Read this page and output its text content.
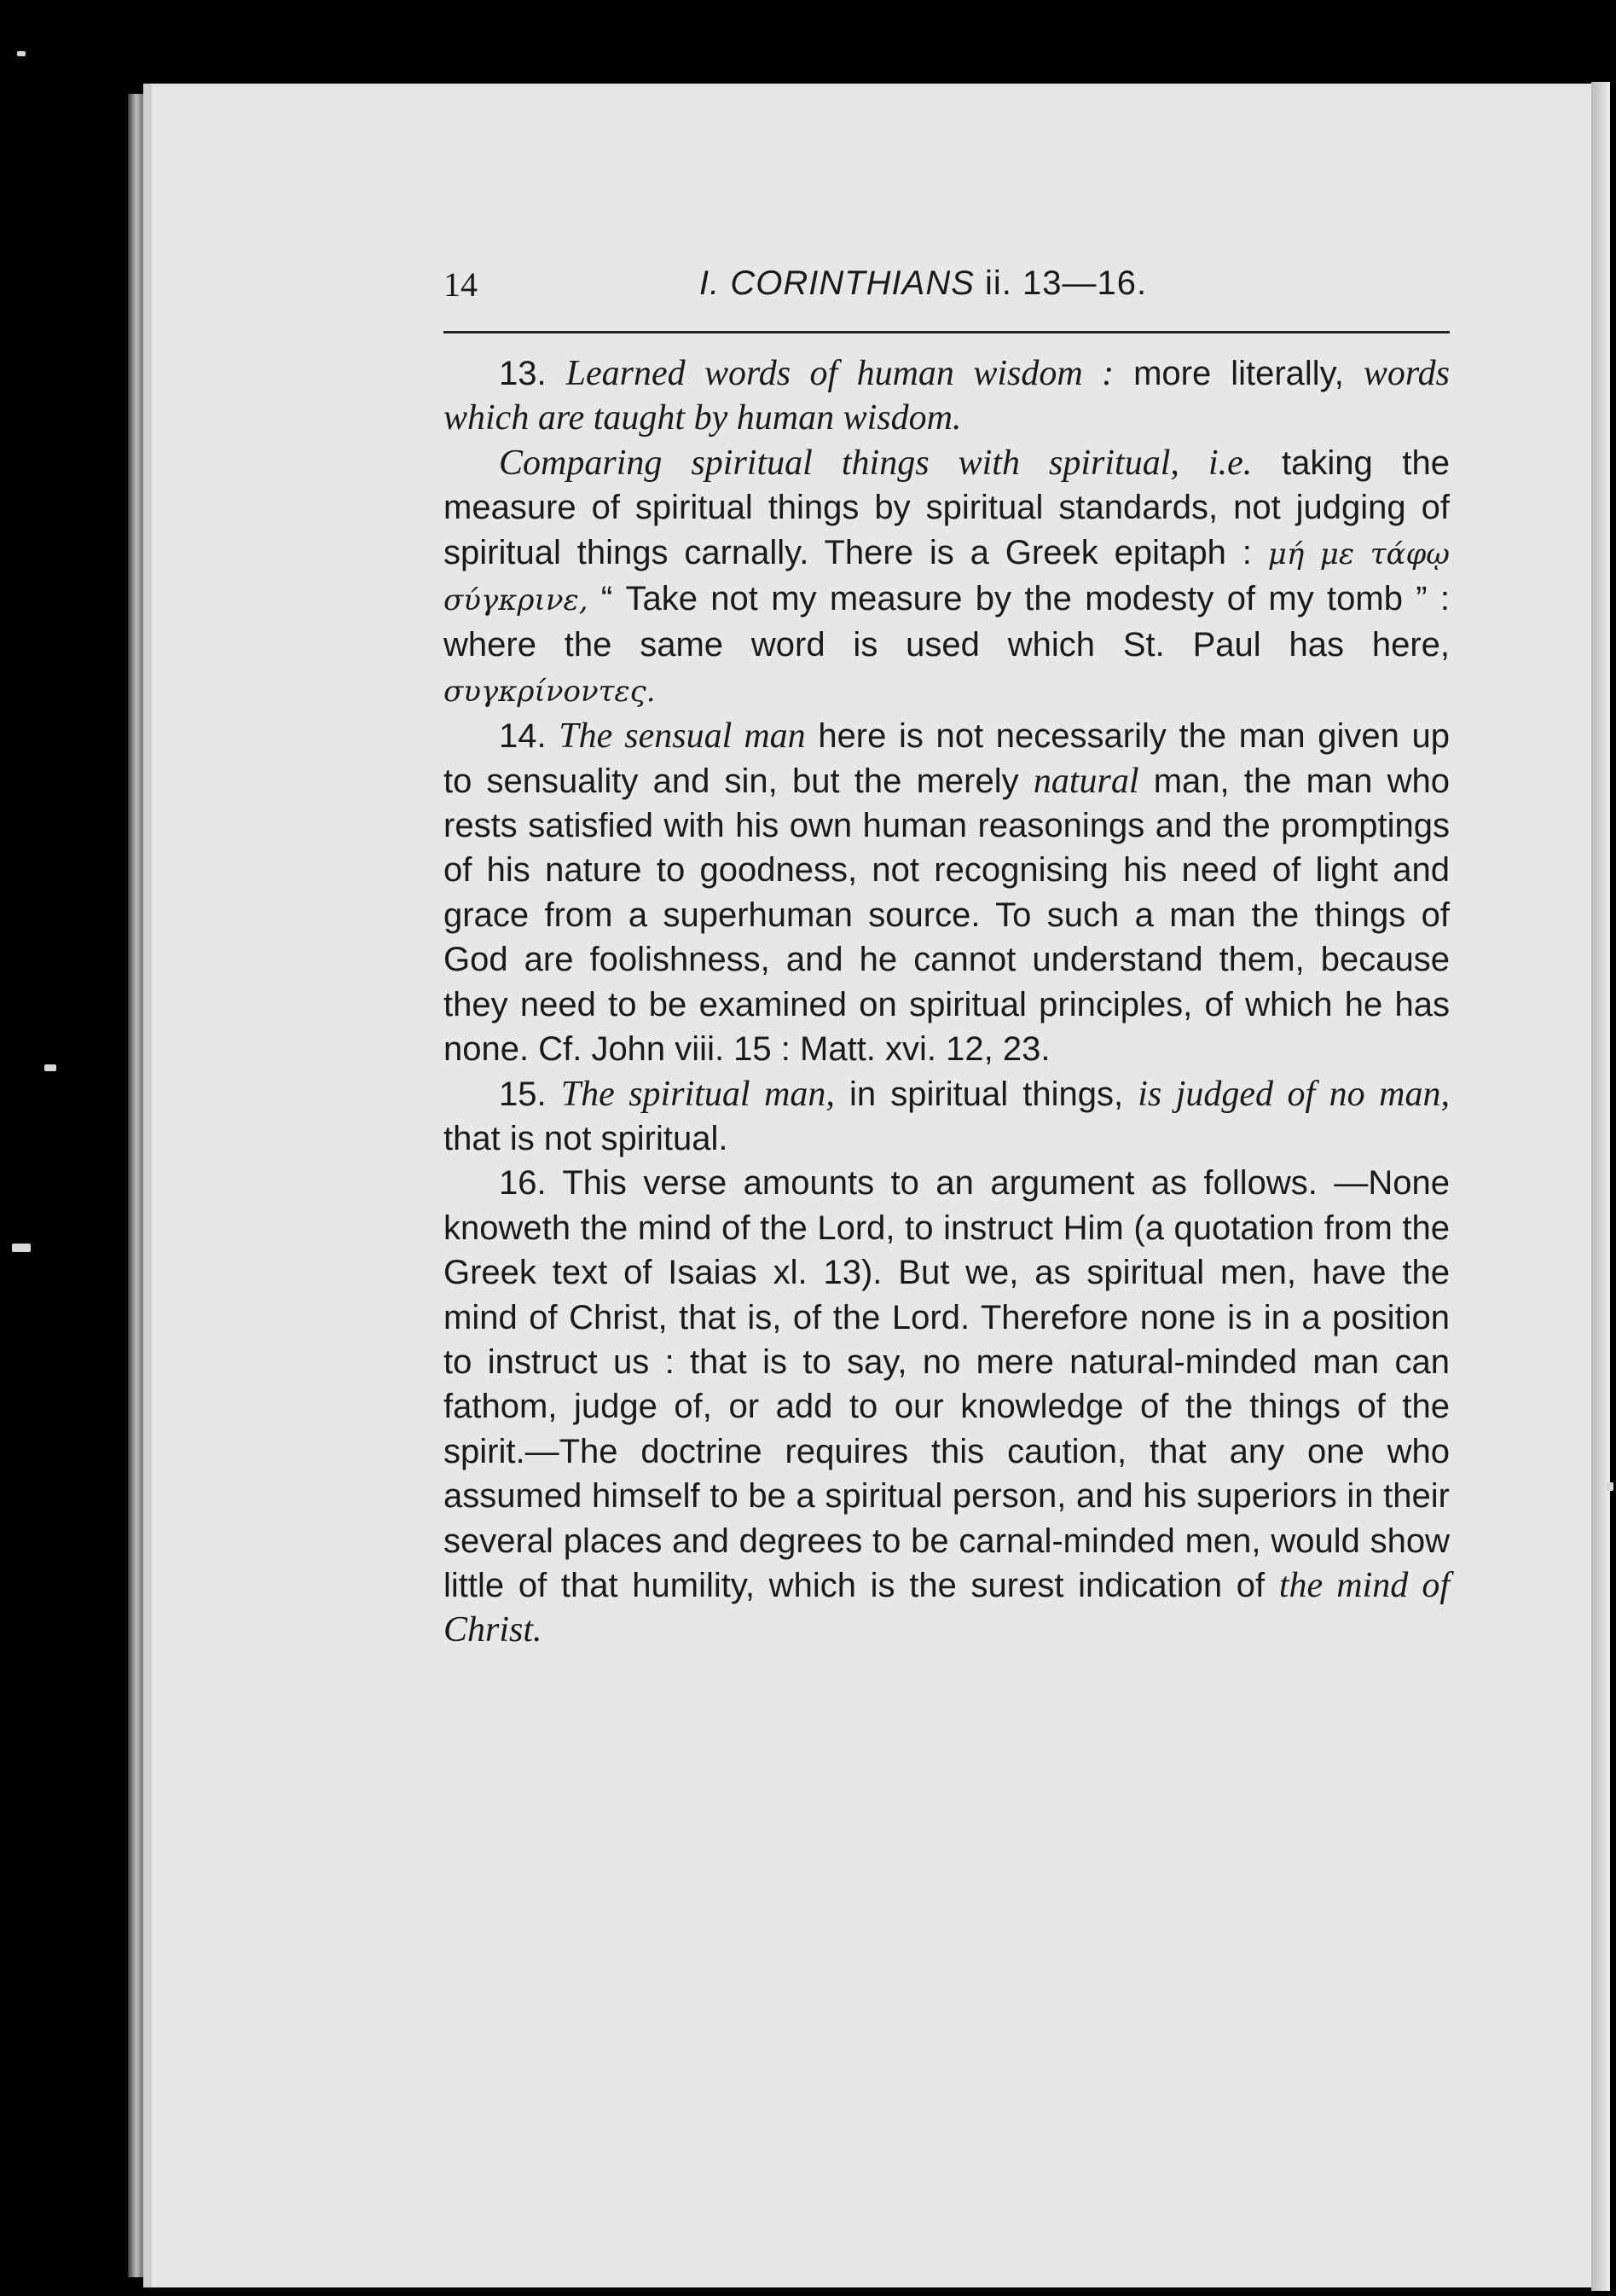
14	I. CORINTHIANS ii. 13—16.

13. Learned words of human wisdom : more literally, words which are taught by human wisdom.

Comparing spiritual things with spiritual, i.e. taking the measure of spiritual things by spiritual standards, not judging of spiritual things carnally. There is a Greek epitaph : μή με τάφῳ σύγκρινε, “ Take not my measure by the modesty of my tomb ” : where the same word is used which St. Paul has here, συγκρίνοντες.

14. The sensual man here is not necessarily the man given up to sensuality and sin, but the merely natural man, the man who rests satisfied with his own human reasonings and the promptings of his nature to goodness, not recognising his need of light and grace from a superhuman source. To such a man the things of God are foolishness, and he cannot understand them, because they need to be examined on spiritual principles, of which he has none. Cf. John viii. 15 : Matt. xvi. 12, 23.

15. The spiritual man, in spiritual things, is judged of no man, that is not spiritual.

16. This verse amounts to an argument as follows. —None knoweth the mind of the Lord, to instruct Him (a quotation from the Greek text of Isaias xl. 13). But we, as spiritual men, have the mind of Christ, that is, of the Lord. Therefore none is in a position to instruct us : that is to say, no mere natural-minded man can fathom, judge of, or add to our knowledge of the things of the spirit.—The doctrine requires this caution, that any one who assumed himself to be a spiritual person, and his superiors in their several places and degrees to be carnal-minded men, would show little of that humility, which is the surest indication of the mind of Christ.
